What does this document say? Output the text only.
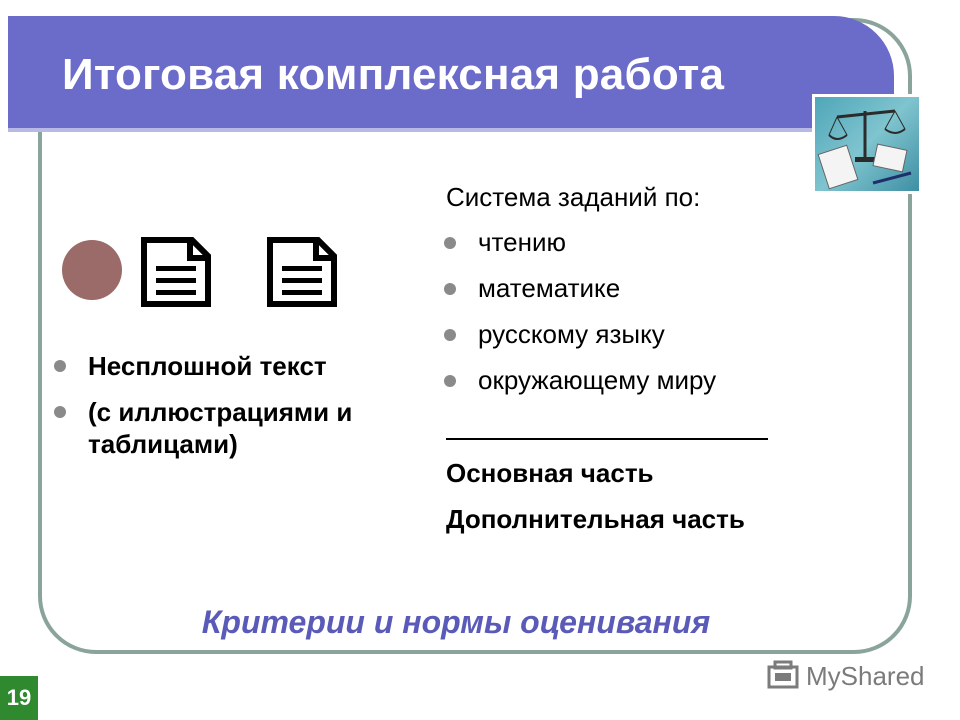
Итоговая комплексная работа
Несплошной текст
(с иллюстрациями и таблицами)

Система заданий по:

чтению
математике
русскому языку
окружающему миру

Основная часть

Дополнительная часть

Критерии и нормы оценивания

19
MyShared
